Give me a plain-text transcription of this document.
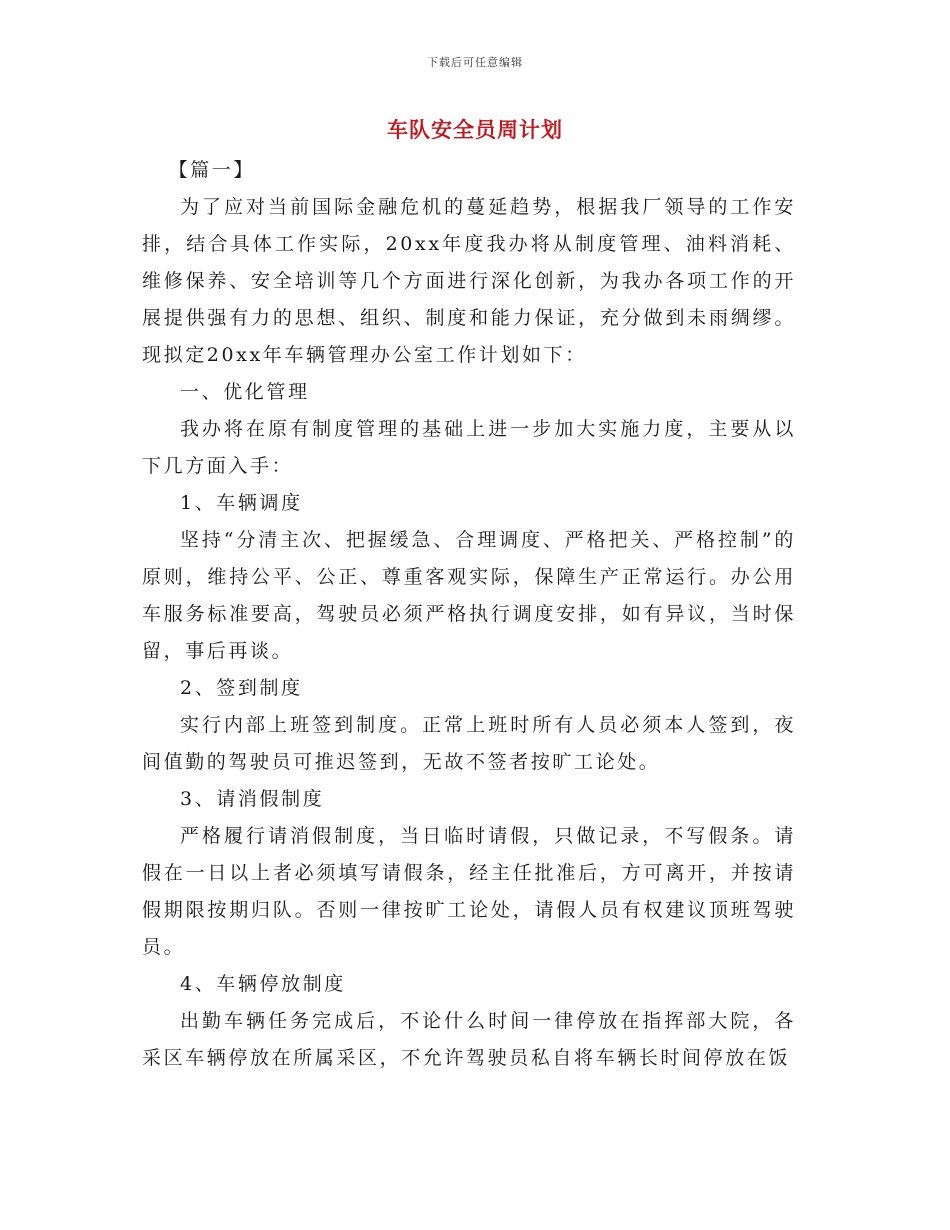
下载后可任意编辑
车队安全员周计划

【篇一】

为了应对当前国际金融危机的蔓延趋势，根据我厂领导的工作安排，结合具体工作实际，20xx年度我办将从制度管理、油料消耗、维修保养、安全培训等几个方面进行深化创新，为我办各项工作的开展提供强有力的思想、组织、制度和能力保证，充分做到未雨绸缪。现拟定20xx年车辆管理办公室工作计划如下：

一、优化管理

我办将在原有制度管理的基础上进一步加大实施力度，主要从以下几方面入手：

1、车辆调度

坚持“分清主次、把握缓急、合理调度、严格把关、严格控制”的原则，维持公平、公正、尊重客观实际，保障生产正常运行。办公用车服务标准要高，驾驶员必须严格执行调度安排，如有异议，当时保留，事后再谈。

2、签到制度

实行内部上班签到制度。正常上班时所有人员必须本人签到，夜间值勤的驾驶员可推迟签到，无故不签者按旷工论处。

3、请消假制度

严格履行请消假制度，当日临时请假，只做记录，不写假条。请假在一日以上者必须填写请假条，经主任批准后，方可离开，并按请假期限按期归队。否则一律按旷工论处，请假人员有权建议顶班驾驶员。

4、车辆停放制度

出勤车辆任务完成后，不论什么时间一律停放在指挥部大院，各采区车辆停放在所属采区，不允许驾驶员私自将车辆长时间停放在饭
